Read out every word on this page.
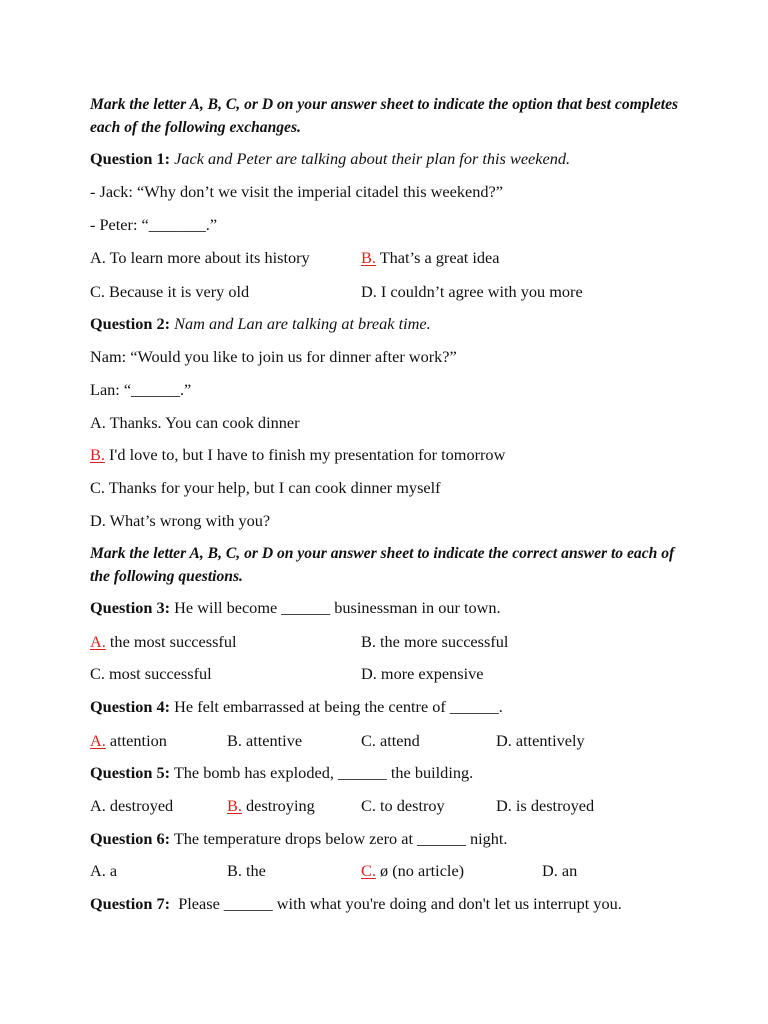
Mark the letter A, B, C, or D on your answer sheet to indicate the option that best completes each of the following exchanges.
Question 1: Jack and Peter are talking about their plan for this weekend.
- Jack: “Why don’t we visit the imperial citadel this weekend?”
- Peter: “_______.”
A. To learn more about its history	B. That’s a great idea
C. Because it is very old	D. I couldn’t agree with you more
Question 2: Nam and Lan are talking at break time.
Nam: “Would you like to join us for dinner after work?”
Lan: “______.”
A. Thanks. You can cook dinner
B. I'd love to, but I have to finish my presentation for tomorrow
C. Thanks for your help, but I can cook dinner myself
D. What’s wrong with you?
Mark the letter A, B, C, or D on your answer sheet to indicate the correct answer to each of the following questions.
Question 3: He will become ______ businessman in our town.
A. the most successful	B. the more successful
C. most successful	D. more expensive
Question 4: He felt embarrassed at being the centre of ______.
A. attention	B. attentive	C. attend	D. attentively
Question 5: The bomb has exploded, ______ the building.
A. destroyed	B. destroying	C. to destroy	D. is destroyed
Question 6: The temperature drops below zero at ______ night.
A. a	B. the	C. ø (no article)	D. an
Question 7:  Please ______ with what you're doing and don't let us interrupt you.
